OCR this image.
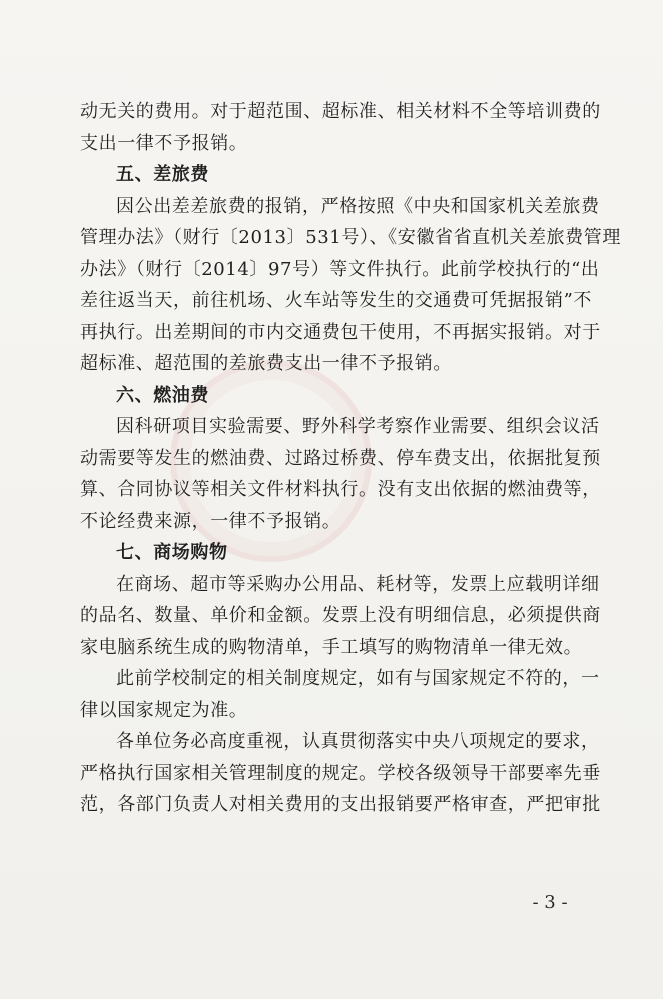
动无关的费用。对于超范围、超标准、相关材料不全等培训费的
支出一律不予报销。
五、差旅费
因公出差差旅费的报销，严格按照《中央和国家机关差旅费
管理办法》（财行〔2013〕531号）、《安徽省省直机关差旅费管理
办法》（财行〔2014〕97号）等文件执行。此前学校执行的“出
差往返当天，前往机场、火车站等发生的交通费可凭据报销”不
再执行。出差期间的市内交通费包干使用，不再据实报销。对于
超标准、超范围的差旅费支出一律不予报销。
六、燃油费
因科研项目实验需要、野外科学考察作业需要、组织会议活
动需要等发生的燃油费、过路过桥费、停车费支出，依据批复预
算、合同协议等相关文件材料执行。没有支出依据的燃油费等，
不论经费来源，一律不予报销。
七、商场购物
在商场、超市等采购办公用品、耗材等，发票上应载明详细
的品名、数量、单价和金额。发票上没有明细信息，必须提供商
家电脑系统生成的购物清单，手工填写的购物清单一律无效。
此前学校制定的相关制度规定，如有与国家规定不符的，一
律以国家规定为准。
各单位务必高度重视，认真贯彻落实中央八项规定的要求，
严格执行国家相关管理制度的规定。学校各级领导干部要率先垂
范，各部门负责人对相关费用的支出报销要严格审查，严把审批
- 3 -
